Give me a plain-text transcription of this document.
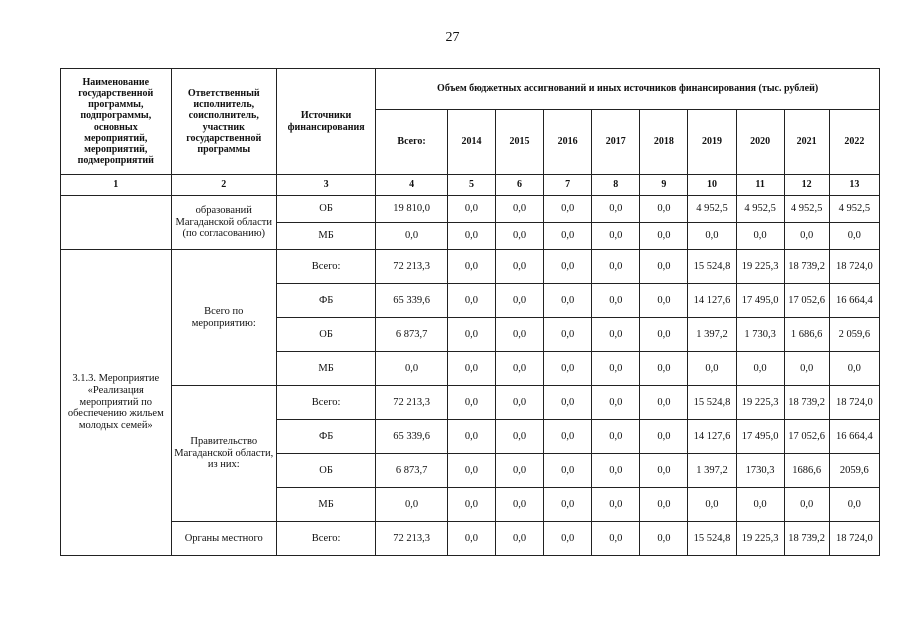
27
Наименование государственной программы, подпрограммы, основных мероприятий, мероприятий, подмероприятий	Ответственный исполнитель, соисполнитель, участник государственной программы	Источники финансирования	Объем бюджетных ассигнований и иных источников финансирования (тыс. рублей)									
			Всего:	2014	2015	2016	2017	2018	2019	2020	2021	2022
1	2	3	4	5	6	7	8	9	10	11	12	13
	образований Магаданской области (по согласованию)	ОБ	19 810,0	0,0	0,0	0,0	0,0	0,0	4 952,5	4 952,5	4 952,5	4 952,5
		МБ	0,0	0,0	0,0	0,0	0,0	0,0	0,0	0,0	0,0	0,0
3.1.3. Мероприятие «Реализация мероприятий по обеспечению жильем молодых семей»	Всего по мероприятию:	Всего:	72 213,3	0,0	0,0	0,0	0,0	0,0	15 524,8	19 225,3	18 739,2	18 724,0
		ФБ	65 339,6	0,0	0,0	0,0	0,0	0,0	14 127,6	17 495,0	17 052,6	16 664,4
		ОБ	6 873,7	0,0	0,0	0,0	0,0	0,0	1 397,2	1 730,3	1 686,6	2 059,6
		МБ	0,0	0,0	0,0	0,0	0,0	0,0	0,0	0,0	0,0	0,0
	Правительство Магаданской области, из них:	Всего:	72 213,3	0,0	0,0	0,0	0,0	0,0	15 524,8	19 225,3	18 739,2	18 724,0
		ФБ	65 339,6	0,0	0,0	0,0	0,0	0,0	14 127,6	17 495,0	17 052,6	16 664,4
		ОБ	6 873,7	0,0	0,0	0,0	0,0	0,0	1 397,2	1730,3	1686,6	2059,6
		МБ	0,0	0,0	0,0	0,0	0,0	0,0	0,0	0,0	0,0	0,0
	Органы местного	Всего:	72 213,3	0,0	0,0	0,0	0,0	0,0	15 524,8	19 225,3	18 739,2	18 724,0
